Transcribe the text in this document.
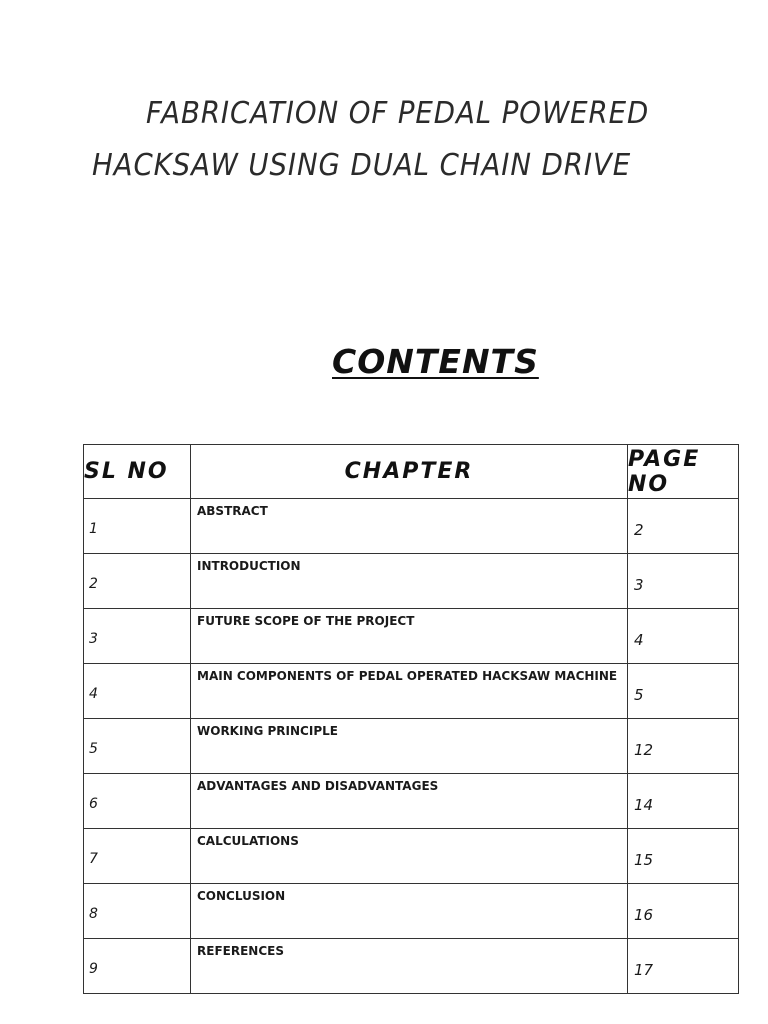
FABRICATION OF PEDAL POWERED
HACKSAW USING DUAL CHAIN DRIVE
CONTENTS
SL NO	CHAPTER	PAGE NO
1	ABSTRACT	2
2	INTRODUCTION	3
3	FUTURE SCOPE OF THE PROJECT	4
4	MAIN COMPONENTS OF PEDAL OPERATED HACKSAW MACHINE	5
5	WORKING PRINCIPLE	12
6	ADVANTAGES AND DISADVANTAGES	14
7	CALCULATIONS	15
8	CONCLUSION	16
9	REFERENCES	17
